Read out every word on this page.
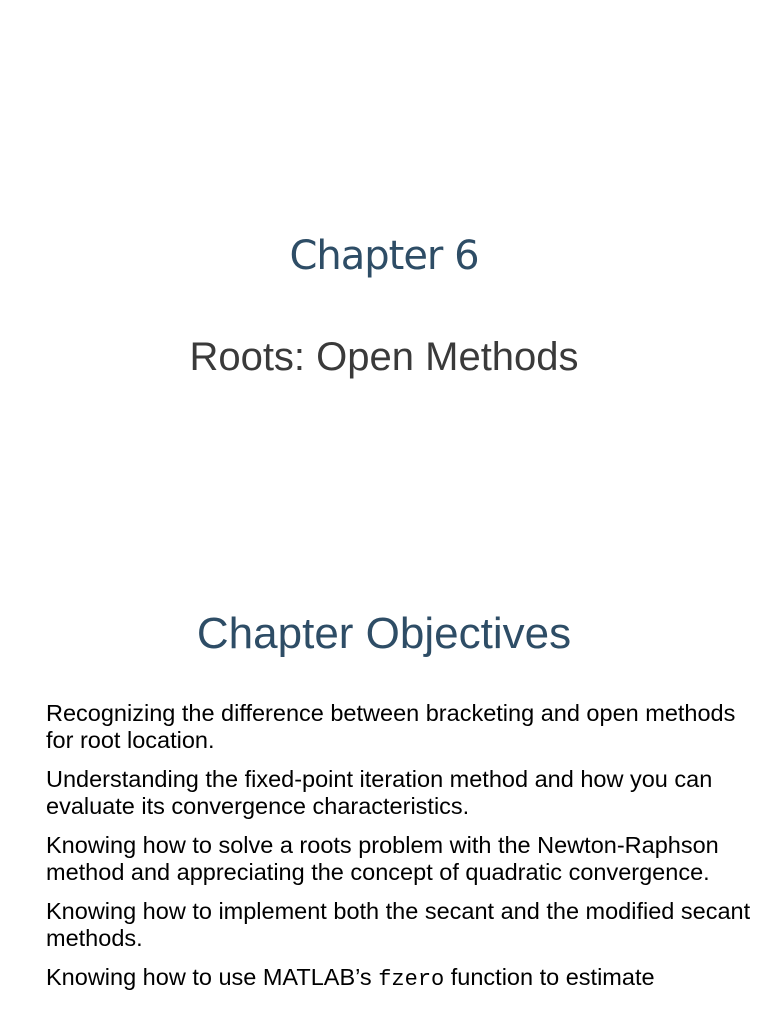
Chapter 6
Roots: Open Methods
Chapter Objectives
Recognizing the difference between bracketing and open methods for root location.
Understanding the fixed-point iteration method and how you can evaluate its convergence characteristics.
Knowing how to solve a roots problem with the Newton-Raphson method and appreciating the concept of quadratic convergence.
Knowing how to implement both the secant and the modified secant methods.
Knowing how to use MATLAB’s fzero function to estimate
